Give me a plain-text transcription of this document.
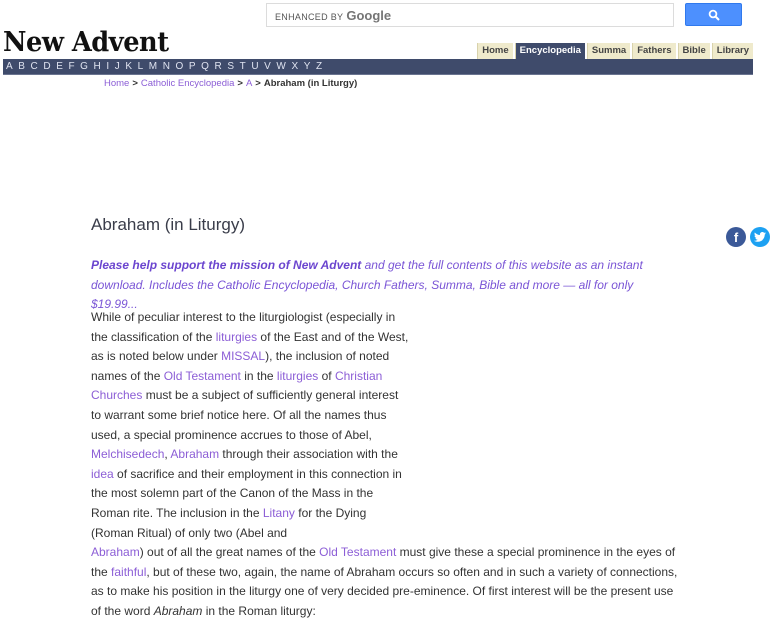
ENHANCED BY Google
New Advent	Home	Encyclopedia	Summa	Fathers	Bible	Library
A B C D E F G H I J K L M N O P Q R S T U V W X Y Z
Home > Catholic Encyclopedia > A > Abraham (in Liturgy)
Abraham (in Liturgy)
f

Please help support the mission of New Advent and get the full contents of this website as an instant download. Includes the Catholic Encyclopedia, Church Fathers, Summa, Bible and more — all for only $19.99...

While of peculiar interest to the liturgiologist (especially in the classification of the liturgies of the East and of the West, as is noted below under MISSAL), the inclusion of noted names of the Old Testament in the liturgies of Christian Churches must be a subject of sufficiently general interest to warrant some brief notice here. Of all the names thus used, a special prominence accrues to those of Abel, Melchisedech, Abraham through their association with the idea of sacrifice and their employment in this connection in the most solemn part of the Canon of the Mass in the Roman rite. The inclusion in the Litany for the Dying (Roman Ritual) of only two (Abel and
Abraham) out of all the great names of the Old Testament must give these a special prominence in the eyes of the faithful, but of these two, again, the name of Abraham occurs so often and in such a variety of connections, as to make his position in the liturgy one of very decided pre-eminence. Of first interest will be the present use of the word Abraham in the Roman liturgy:
